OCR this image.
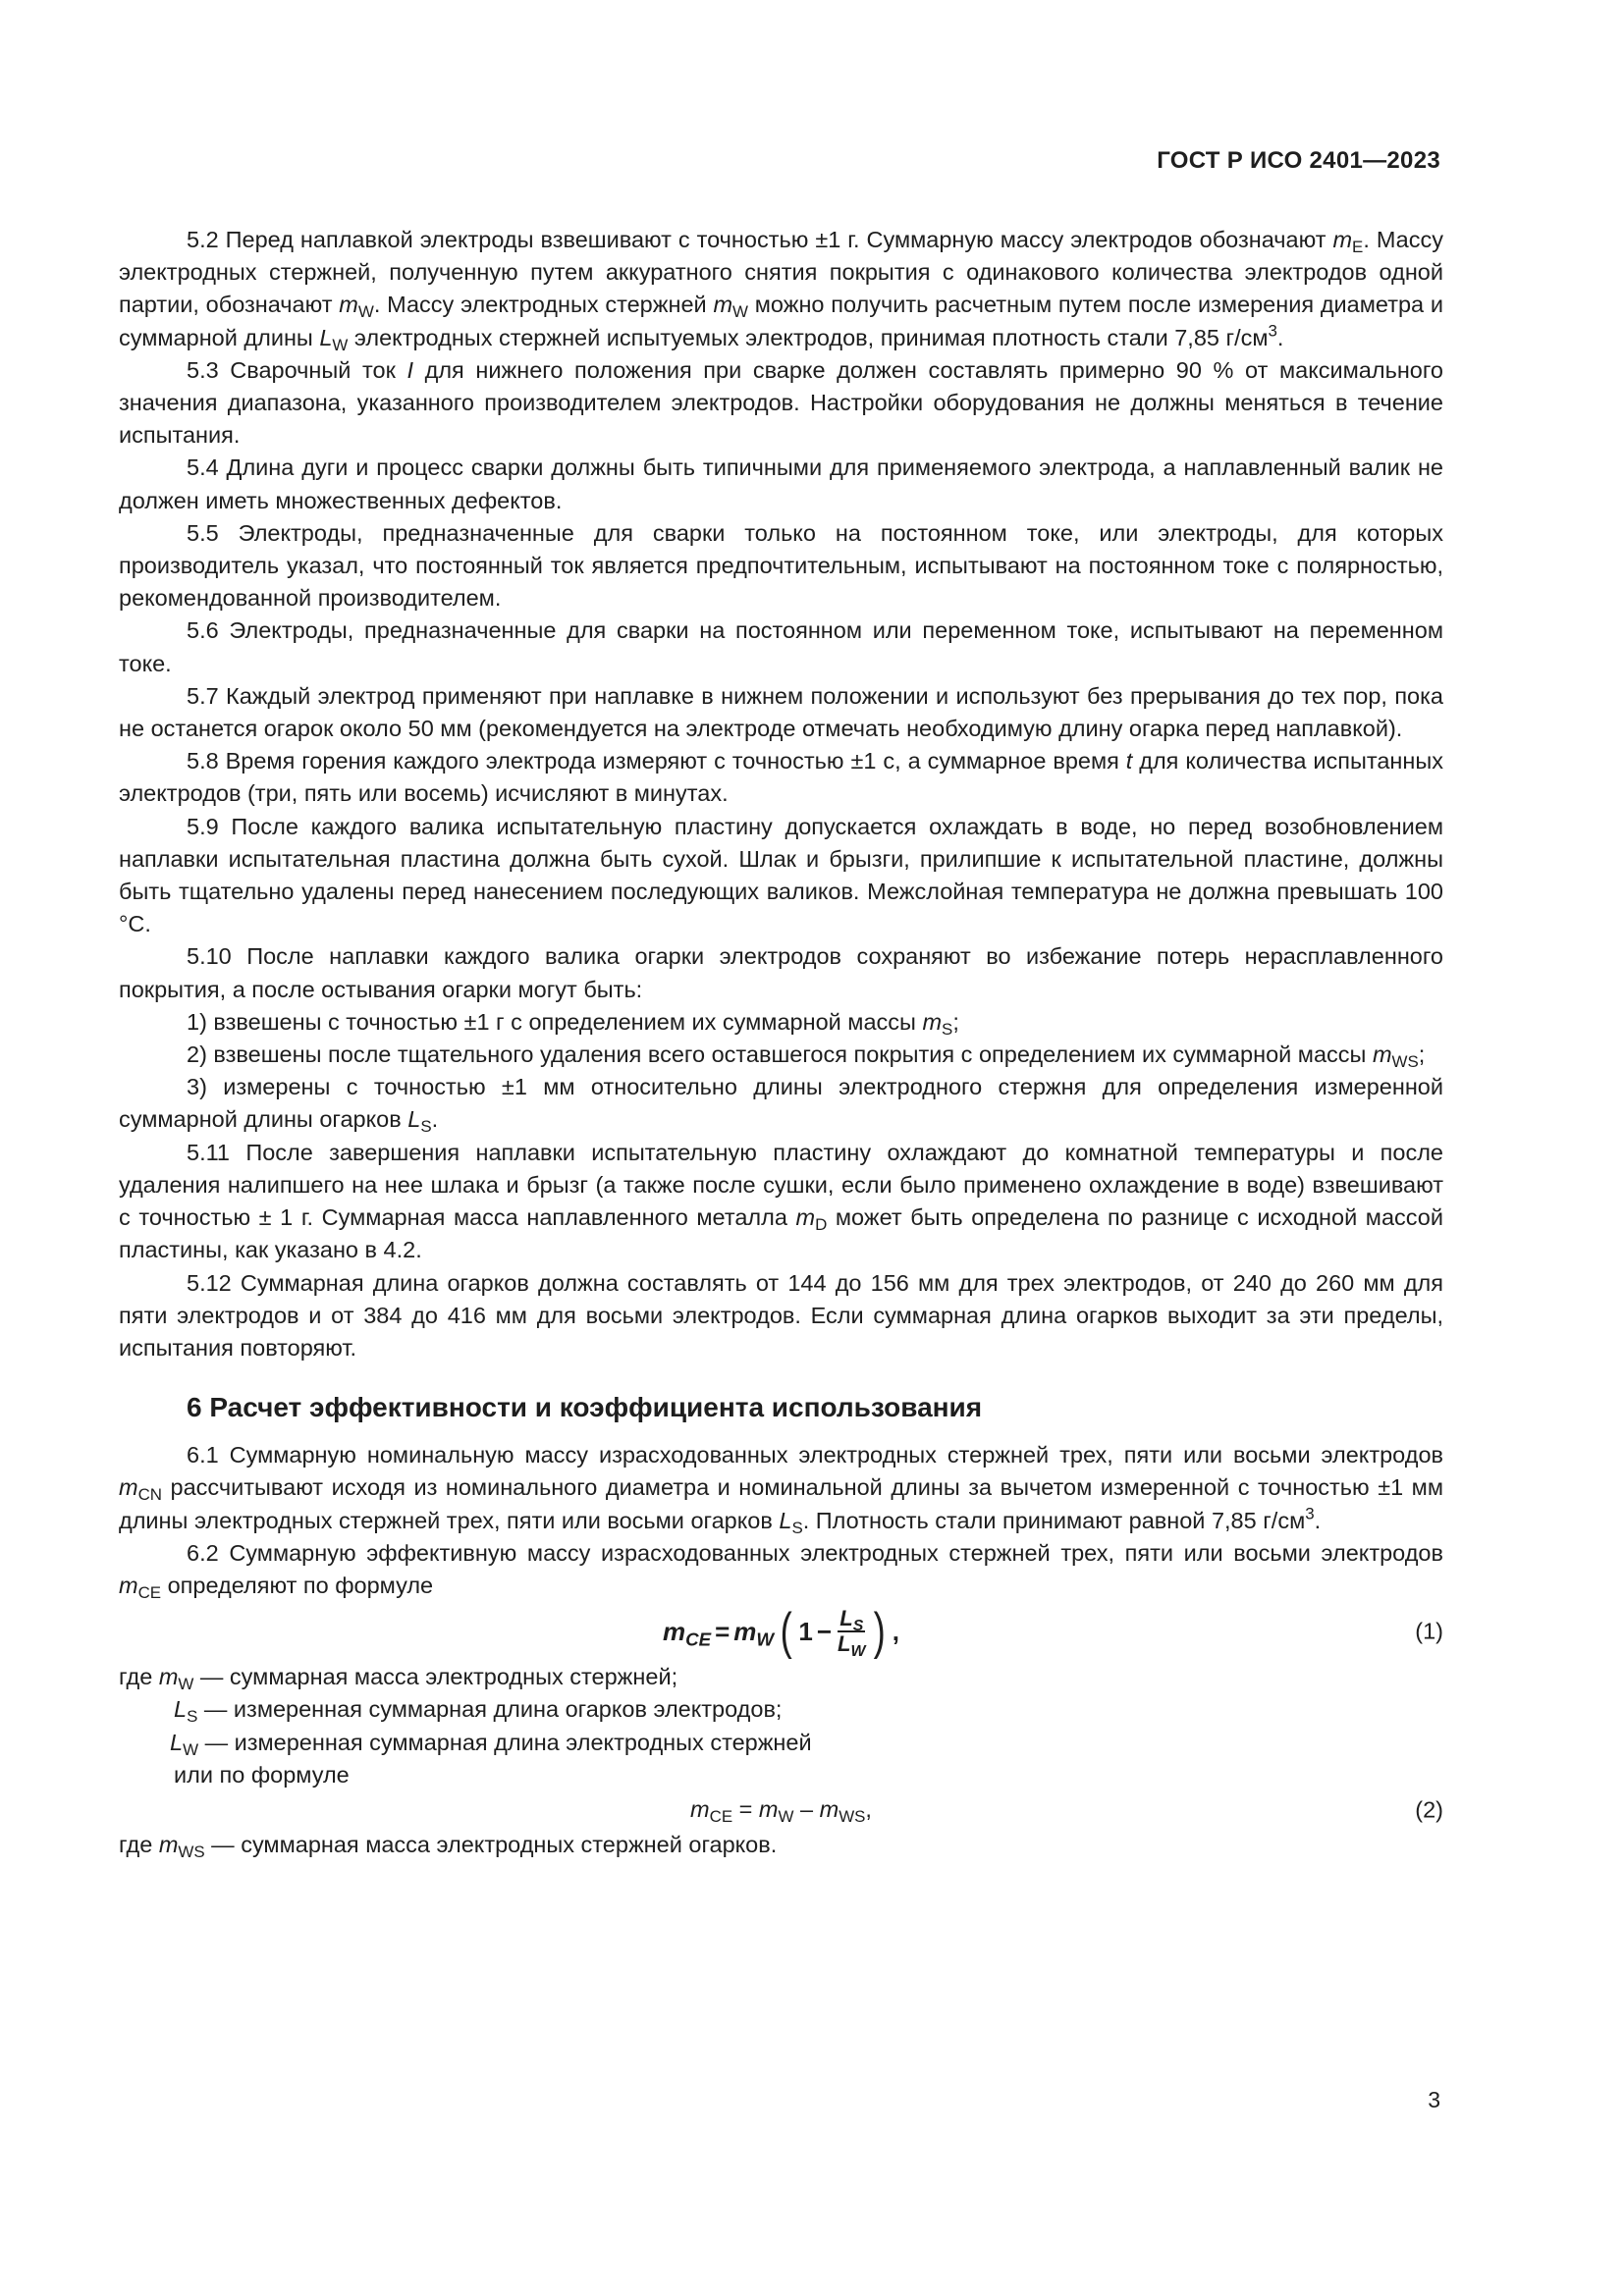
ГОСТ Р ИСО 2401—2023

5.2 Перед наплавкой электроды взвешивают с точностью ±1 г. Суммарную массу электродов обозначают $m_E$. Массу электродных стержней, полученную путем аккуратного снятия покрытия с одинакового количества электродов одной партии, обозначают $m_W$. Массу электродных стержней $m_W$ можно получить расчетным путем после измерения диаметра и суммарной длины $L_W$ электродных стержней испытуемых электродов, принимая плотность стали 7,85 $г/см^3$.

5.3 Сварочный ток I для нижнего положения при сварке должен составлять примерно 90 % от максимального значения диапазона, указанного производителем электродов. Настройки оборудования не должны меняться в течение испытания.

5.4 Длина дуги и процесс сварки должны быть типичными для применяемого электрода, а наплавленный валик не должен иметь множественных дефектов.

5.5 Электроды, предназначенные для сварки только на постоянном токе, или электроды, для которых производитель указал, что постоянный ток является предпочтительным, испытывают на постоянном токе с полярностью, рекомендованной производителем.

5.6 Электроды, предназначенные для сварки на постоянном или переменном токе, испытывают на переменном токе.

5.7 Каждый электрод применяют при наплавке в нижнем положении и используют без прерывания до тех пор, пока не останется огарок около 50 мм (рекомендуется на электроде отмечать необходимую длину огарка перед наплавкой).

5.8 Время горения каждого электрода измеряют с точностью ±1 с, а суммарное время t для количества испытанных электродов (три, пять или восемь) исчисляют в минутах.

5.9 После каждого валика испытательную пластину допускается охлаждать в воде, но перед возобновлением наплавки испытательная пластина должна быть сухой. Шлак и брызги, прилипшие к испытательной пластине, должны быть тщательно удалены перед нанесением последующих валиков. Межслойная температура не должна превышать 100 °C.

5.10 После наплавки каждого валика огарки электродов сохраняют во избежание потерь нерасплавленного покрытия, а после остывания огарки могут быть:

1) взвешены с точностью ±1 г с определением их суммарной массы $m_S$;

2) взвешены после тщательного удаления всего оставшегося покрытия с определением их суммарной массы $m_{WS}$;

3) измерены с точностью ±1 мм относительно длины электродного стержня для определения измеренной суммарной длины огарков $L_S$.

5.11 После завершения наплавки испытательную пластину охлаждают до комнатной температуры и после удаления налипшего на нее шлака и брызг (а также после сушки, если было применено охлаждение в воде) взвешивают с точностью ± 1 г. Суммарная масса наплавленного металла $m_D$ может быть определена по разнице с исходной массой пластины, как указано в 4.2.

5.12 Суммарная длина огарков должна составлять от 144 до 156 мм для трех электродов, от 240 до 260 мм для пяти электродов и от 384 до 416 мм для восьми электродов. Если суммарная длина огарков выходит за эти пределы, испытания повторяют.

6 Расчет эффективности и коэффициента использования

6.1 Суммарную номинальную массу израсходованных электродных стержней трех, пяти или восьми электродов $m_{CN}$ рассчитывают исходя из номинального диаметра и номинальной длины за вычетом измеренной с точностью ±1 мм длины электродных стержней трех, пяти или восьми огарков $L_S$. Плотность стали принимают равной 7,85 $г/см^3$.

6.2 Суммарную эффективную массу израсходованных электродных стержней трех, пяти или восьми электродов $m_{CE}$ определяют по формуле

$m_{CE} = m_W$ ( $1 - \frac{L_S}{L_W}$ ) ,	(1)
где $m_W$ — суммарная масса электродных стержней;
$L_S$ — измеренная суммарная длина огарков электродов;
$L_W$ — измеренная суммарная длина электродных стержней
или по формуле
$m_{CE} = m_W - m_{WS}$,	(2)
где $m_{WS}$ — суммарная масса электродных стержней огарков.
3
